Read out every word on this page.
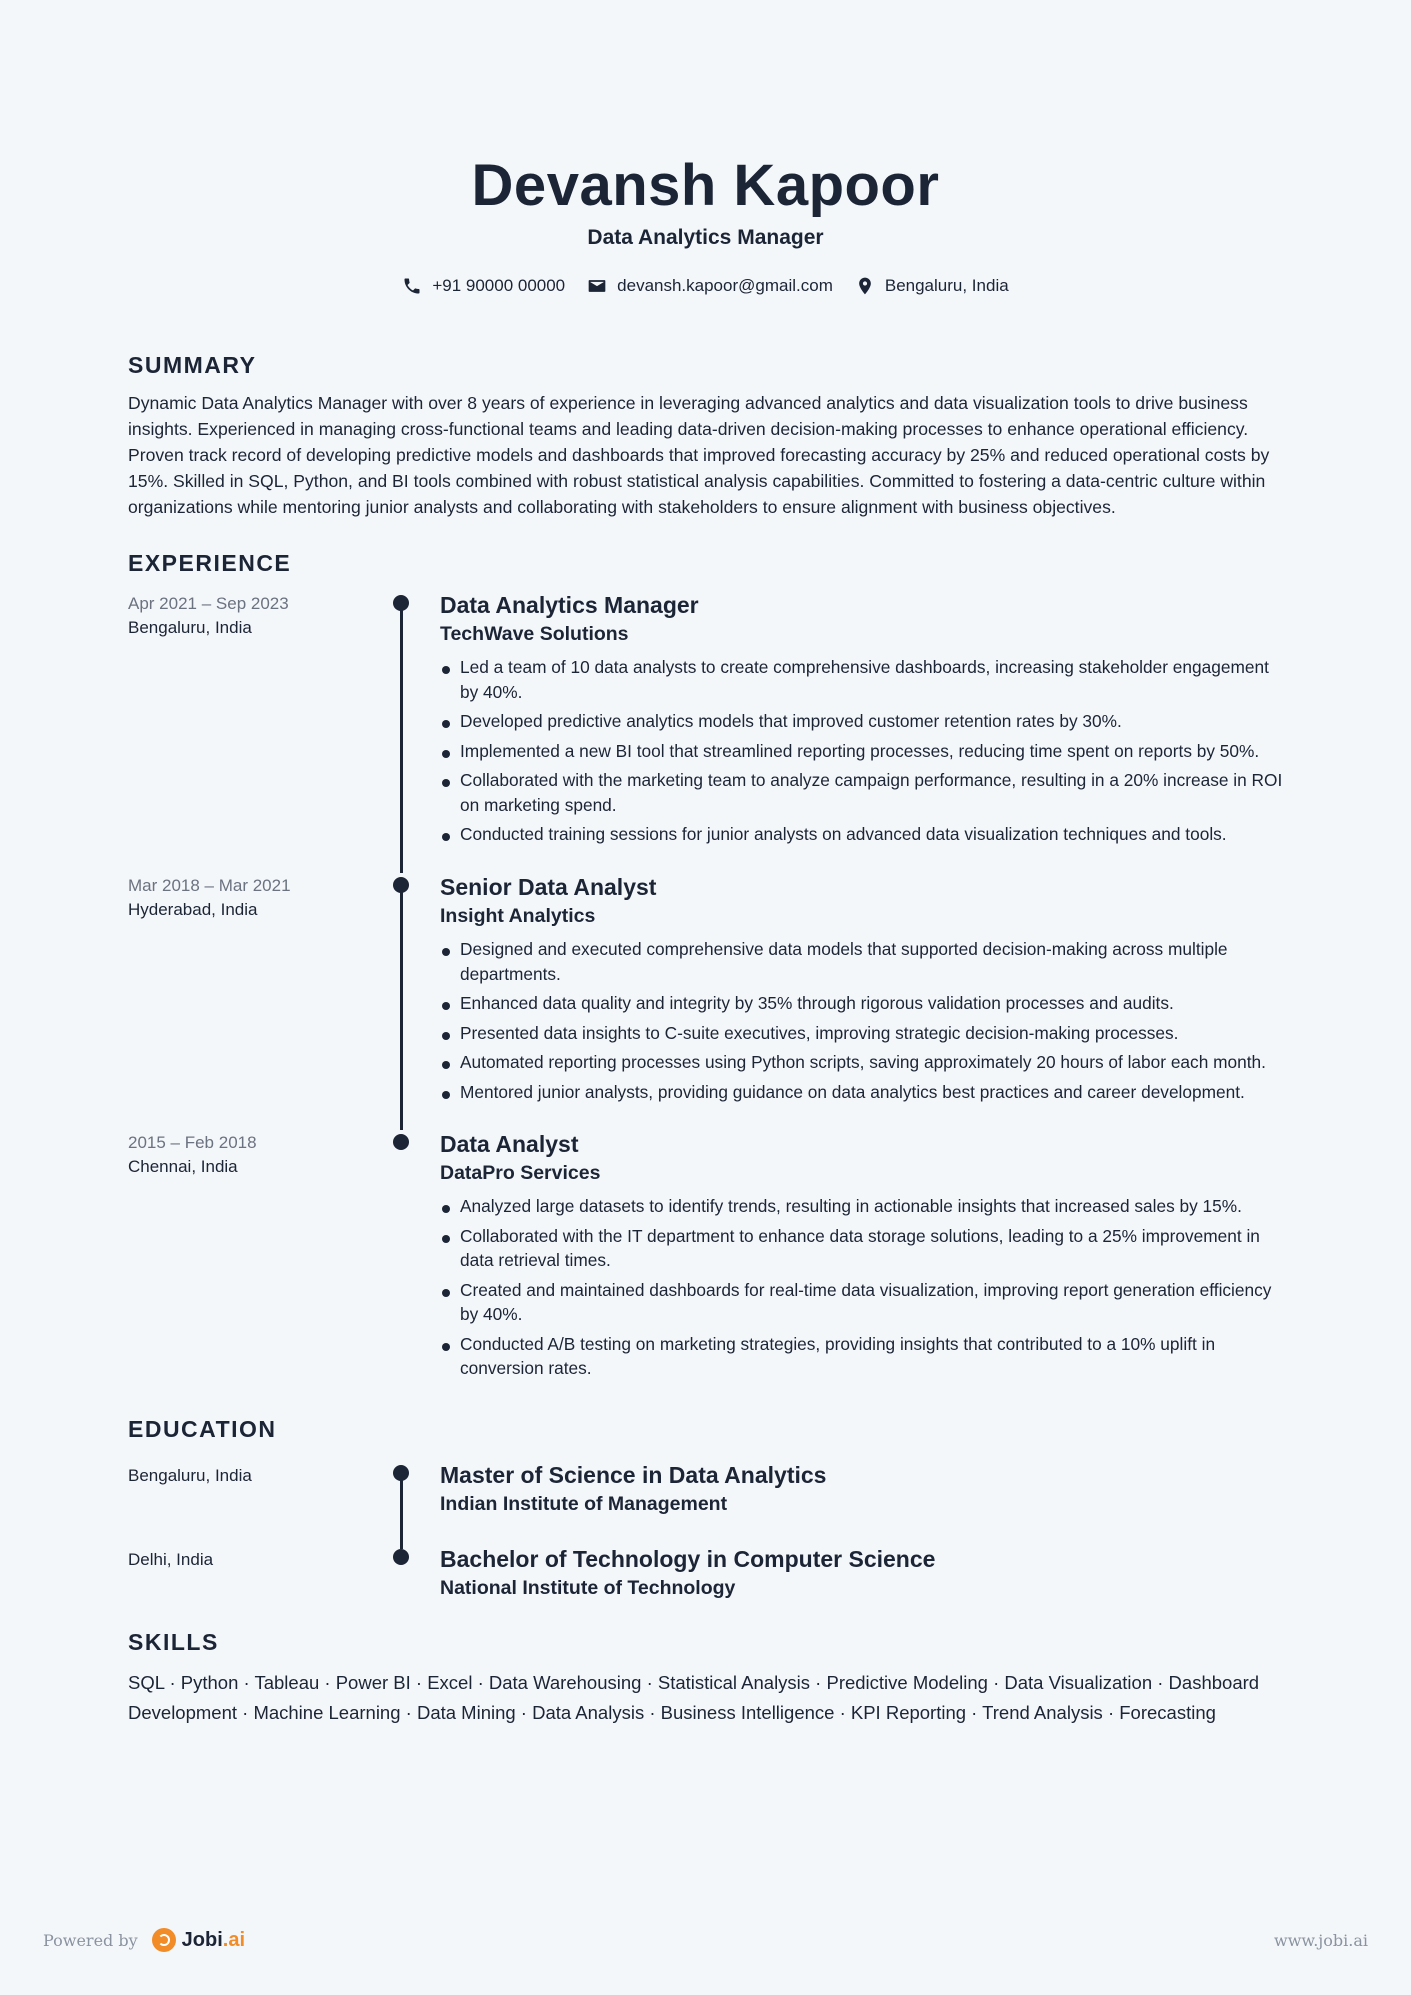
Devansh Kapoor
Data Analytics Manager
+91 90000 00000	devansh.kapoor@gmail.com	Bengaluru, India
SUMMARY
Dynamic Data Analytics Manager with over 8 years of experience in leveraging advanced analytics and data visualization tools to drive business insights. Experienced in managing cross-functional teams and leading data-driven decision-making processes to enhance operational efficiency. Proven track record of developing predictive models and dashboards that improved forecasting accuracy by 25% and reduced operational costs by 15%. Skilled in SQL, Python, and BI tools combined with robust statistical analysis capabilities. Committed to fostering a data-centric culture within organizations while mentoring junior analysts and collaborating with stakeholders to ensure alignment with business objectives.
EXPERIENCE
Apr 2021 – Sep 2023
Bengaluru, India
Data Analytics Manager
TechWave Solutions
Led a team of 10 data analysts to create comprehensive dashboards, increasing stakeholder engagement by 40%.
Developed predictive analytics models that improved customer retention rates by 30%.
Implemented a new BI tool that streamlined reporting processes, reducing time spent on reports by 50%.
Collaborated with the marketing team to analyze campaign performance, resulting in a 20% increase in ROI on marketing spend.
Conducted training sessions for junior analysts on advanced data visualization techniques and tools.
Mar 2018 – Mar 2021
Hyderabad, India
Senior Data Analyst
Insight Analytics
Designed and executed comprehensive data models that supported decision-making across multiple departments.
Enhanced data quality and integrity by 35% through rigorous validation processes and audits.
Presented data insights to C-suite executives, improving strategic decision-making processes.
Automated reporting processes using Python scripts, saving approximately 20 hours of labor each month.
Mentored junior analysts, providing guidance on data analytics best practices and career development.
2015 – Feb 2018
Chennai, India
Data Analyst
DataPro Services
Analyzed large datasets to identify trends, resulting in actionable insights that increased sales by 15%.
Collaborated with the IT department to enhance data storage solutions, leading to a 25% improvement in data retrieval times.
Created and maintained dashboards for real-time data visualization, improving report generation efficiency by 40%.
Conducted A/B testing on marketing strategies, providing insights that contributed to a 10% uplift in conversion rates.
EDUCATION
Bengaluru, India	Master of Science in Data Analytics
Indian Institute of Management
Delhi, India	Bachelor of Technology in Computer Science
National Institute of Technology
SKILLS
SQL · Python · Tableau · Power BI · Excel · Data Warehousing · Statistical Analysis · Predictive Modeling · Data Visualization · Dashboard Development · Machine Learning · Data Mining · Data Analysis · Business Intelligence · KPI Reporting · Trend Analysis · Forecasting
Powered by Jobi.ai	www.jobi.ai
